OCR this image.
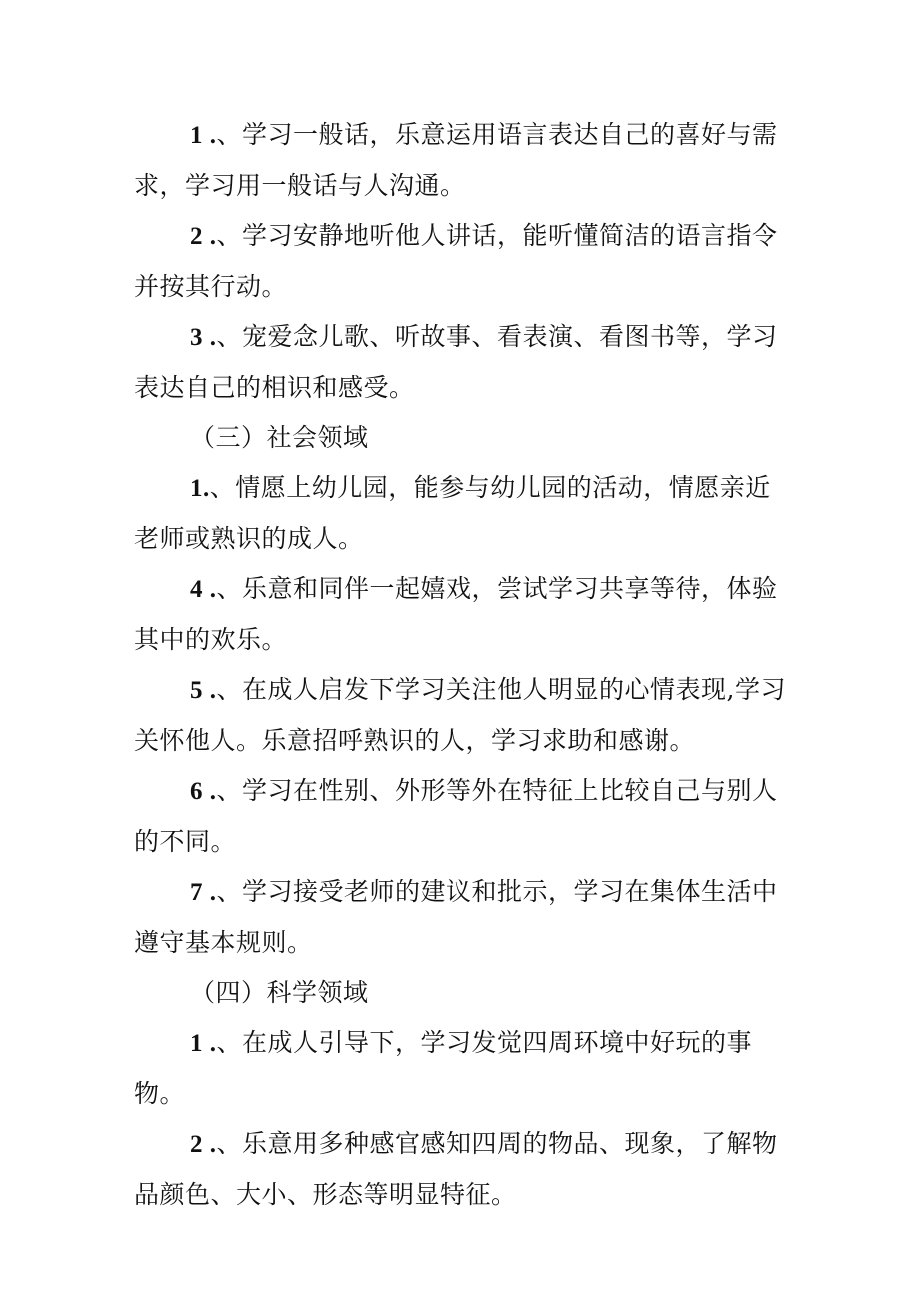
1 .、学习一般话，乐意运用语言表达自己的喜好与需求，学习用一般话与人沟通。

2 .、学习安静地听他人讲话，能听懂简洁的语言指令并按其行动。

3 .、宠爱念儿歌、听故事、看表演、看图书等，学习表达自己的相识和感受。

（三）社会领域

1.、情愿上幼儿园，能参与幼儿园的活动，情愿亲近老师或熟识的成人。

4 .、乐意和同伴一起嬉戏，尝试学习共享等待，体验其中的欢乐。

5 .、在成人启发下学习关注他人明显的心情表现,学习关怀他人。乐意招呼熟识的人，学习求助和感谢。

6 .、学习在性别、外形等外在特征上比较自己与别人的不同。

7 .、学习接受老师的建议和批示，学习在集体生活中遵守基本规则。

（四）科学领域

1 .、在成人引导下，学习发觉四周环境中好玩的事物。

2 .、乐意用多种感官感知四周的物品、现象，了解物品颜色、大小、形态等明显特征。
